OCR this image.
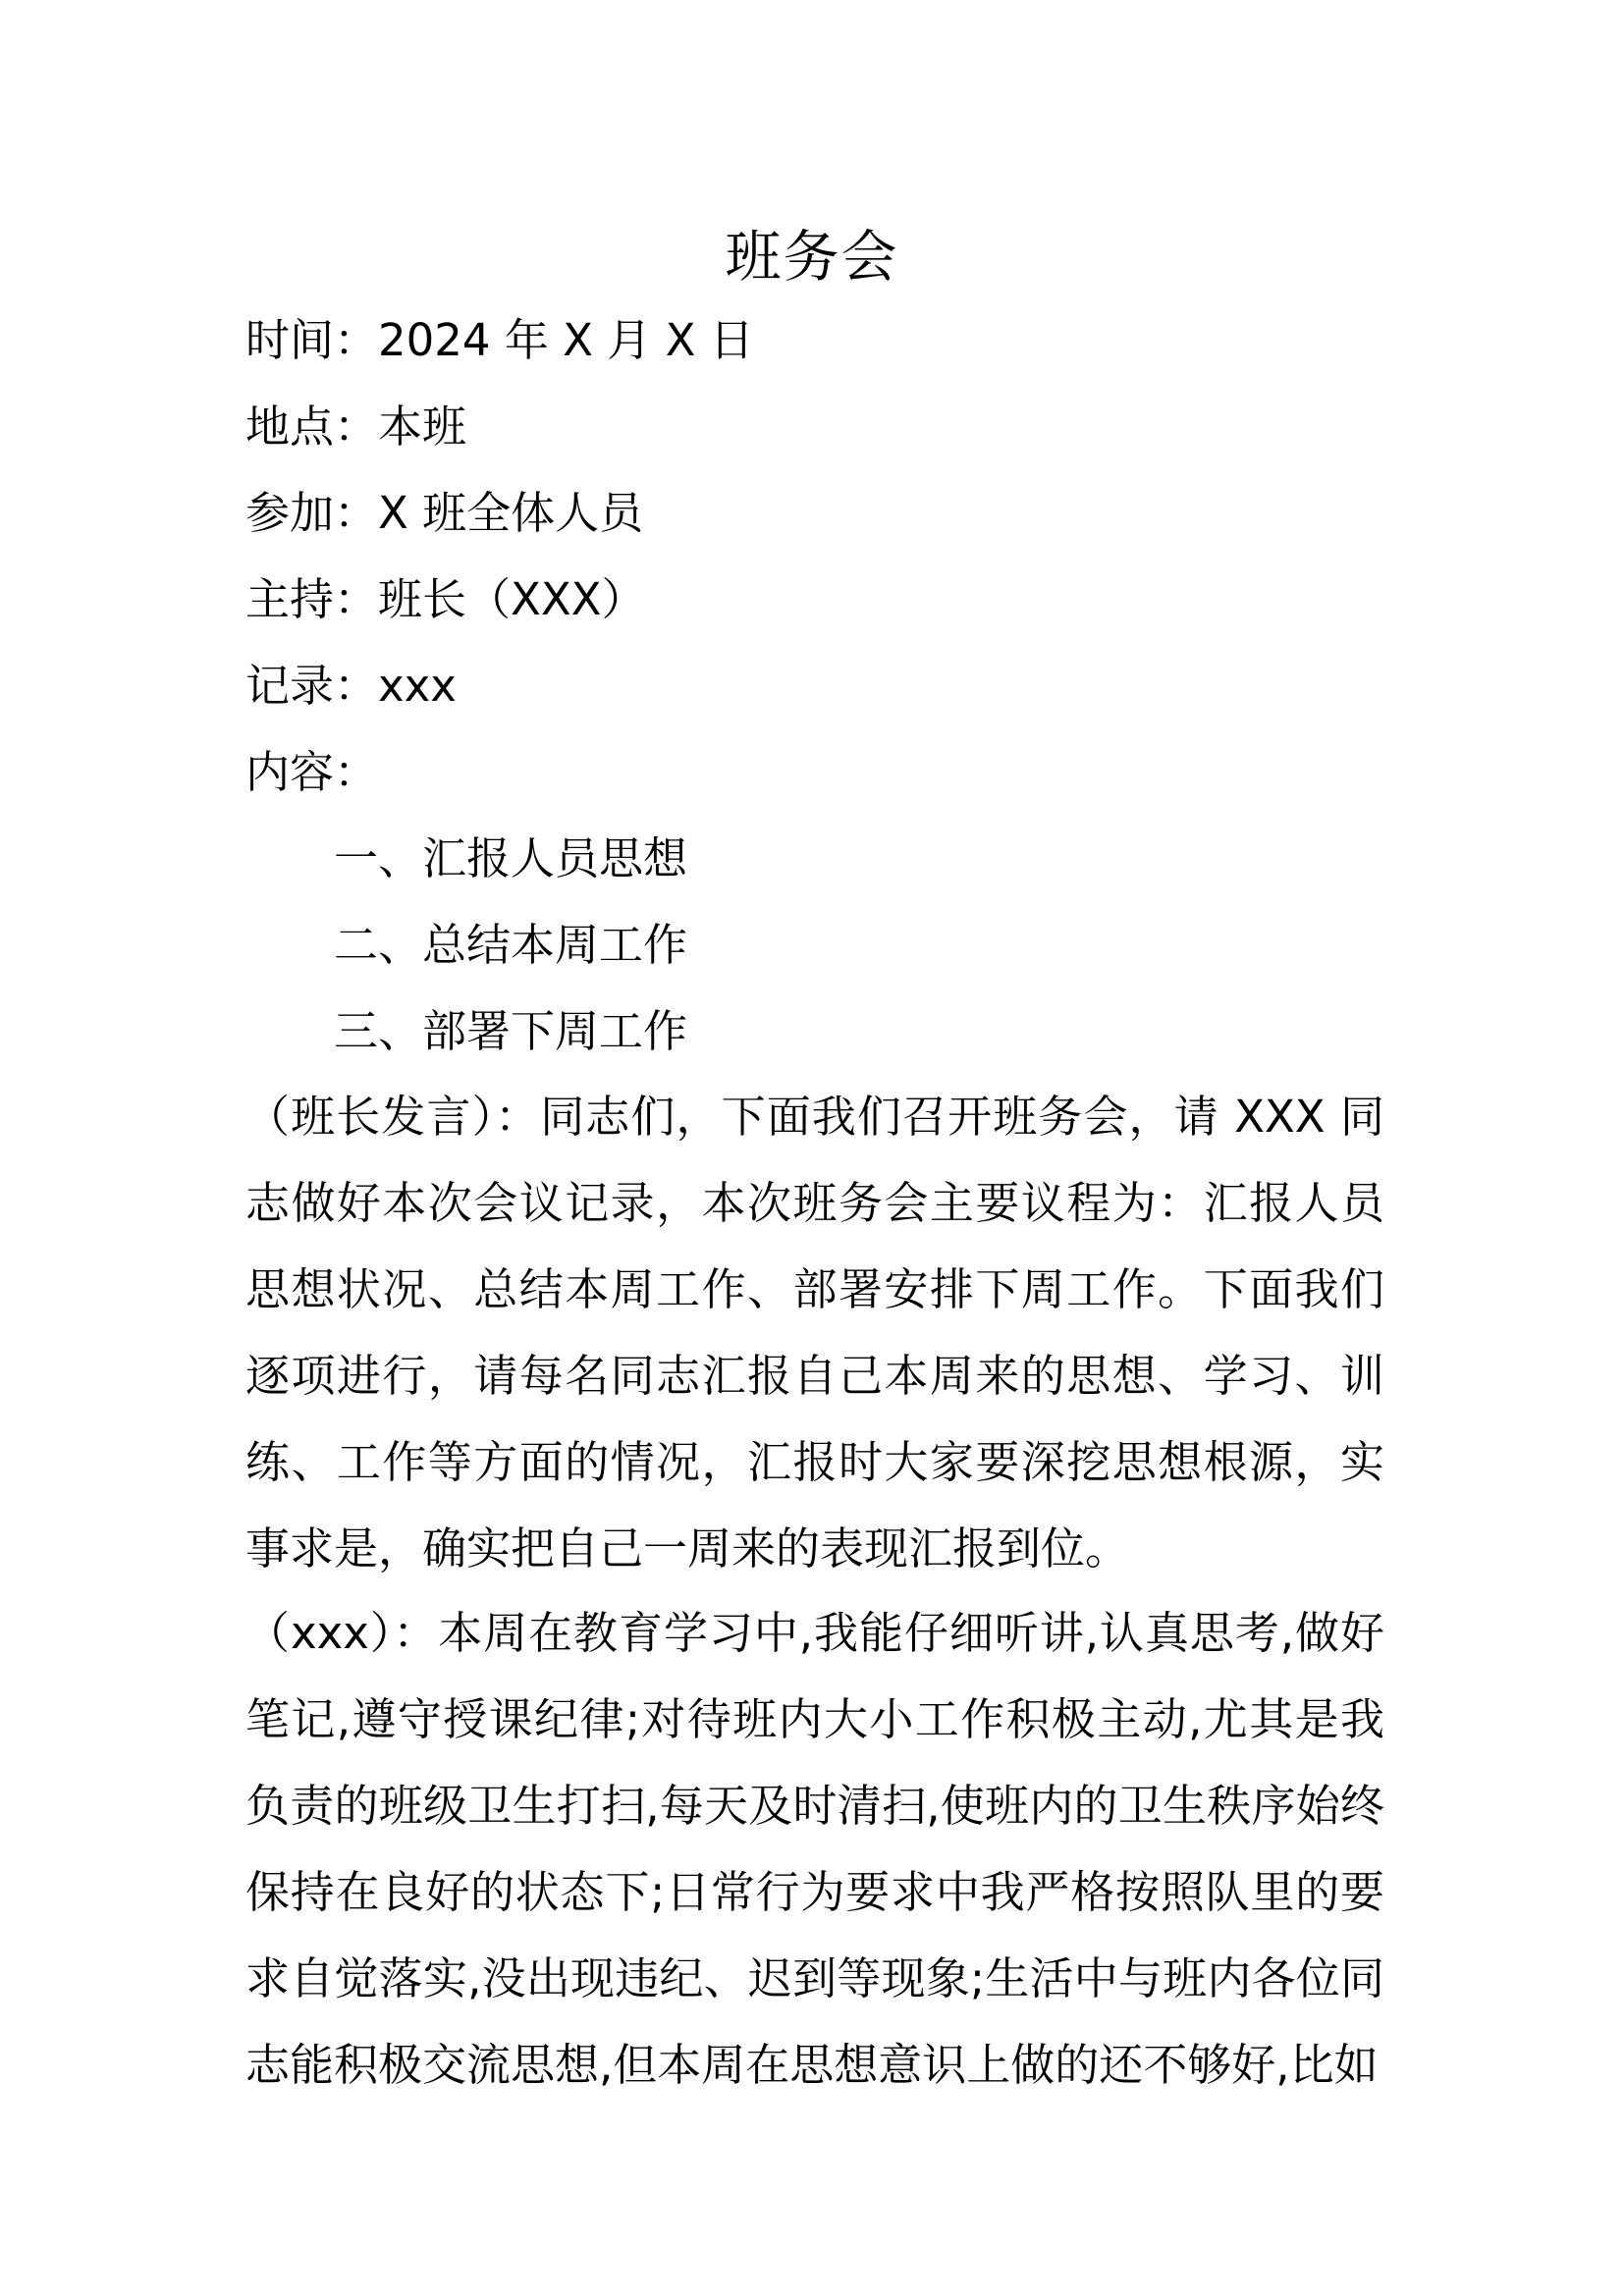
班务会
时间：2024 年 X 月 X 日
地点：本班
参加：X 班全体人员
主持：班长（XXX）
记录：xxx
内容：
一、汇报人员思想
二、总结本周工作
三、部署下周工作
（班长发言）：同志们，下面我们召开班务会，请 XXX 同志做好本次会议记录，本次班务会主要议程为：汇报人员思想状况、总结本周工作、部署安排下周工作。下面我们逐项进行，请每名同志汇报自己本周来的思想、学习、训练、工作等方面的情况，汇报时大家要深挖思想根源，实事求是，确实把自己一周来的表现汇报到位。
（xxx）：本周在教育学习中,我能仔细听讲,认真思考,做好笔记,遵守授课纪律;对待班内大小工作积极主动,尤其是我负责的班级卫生打扫,每天及时清扫,使班内的卫生秩序始终保持在良好的状态下;日常行为要求中我严格按照队里的要求自觉落实,没出现违纪、迟到等现象;生活中与班内各位同志能积极交流思想,但本周在思想意识上做的还不够好,比如
